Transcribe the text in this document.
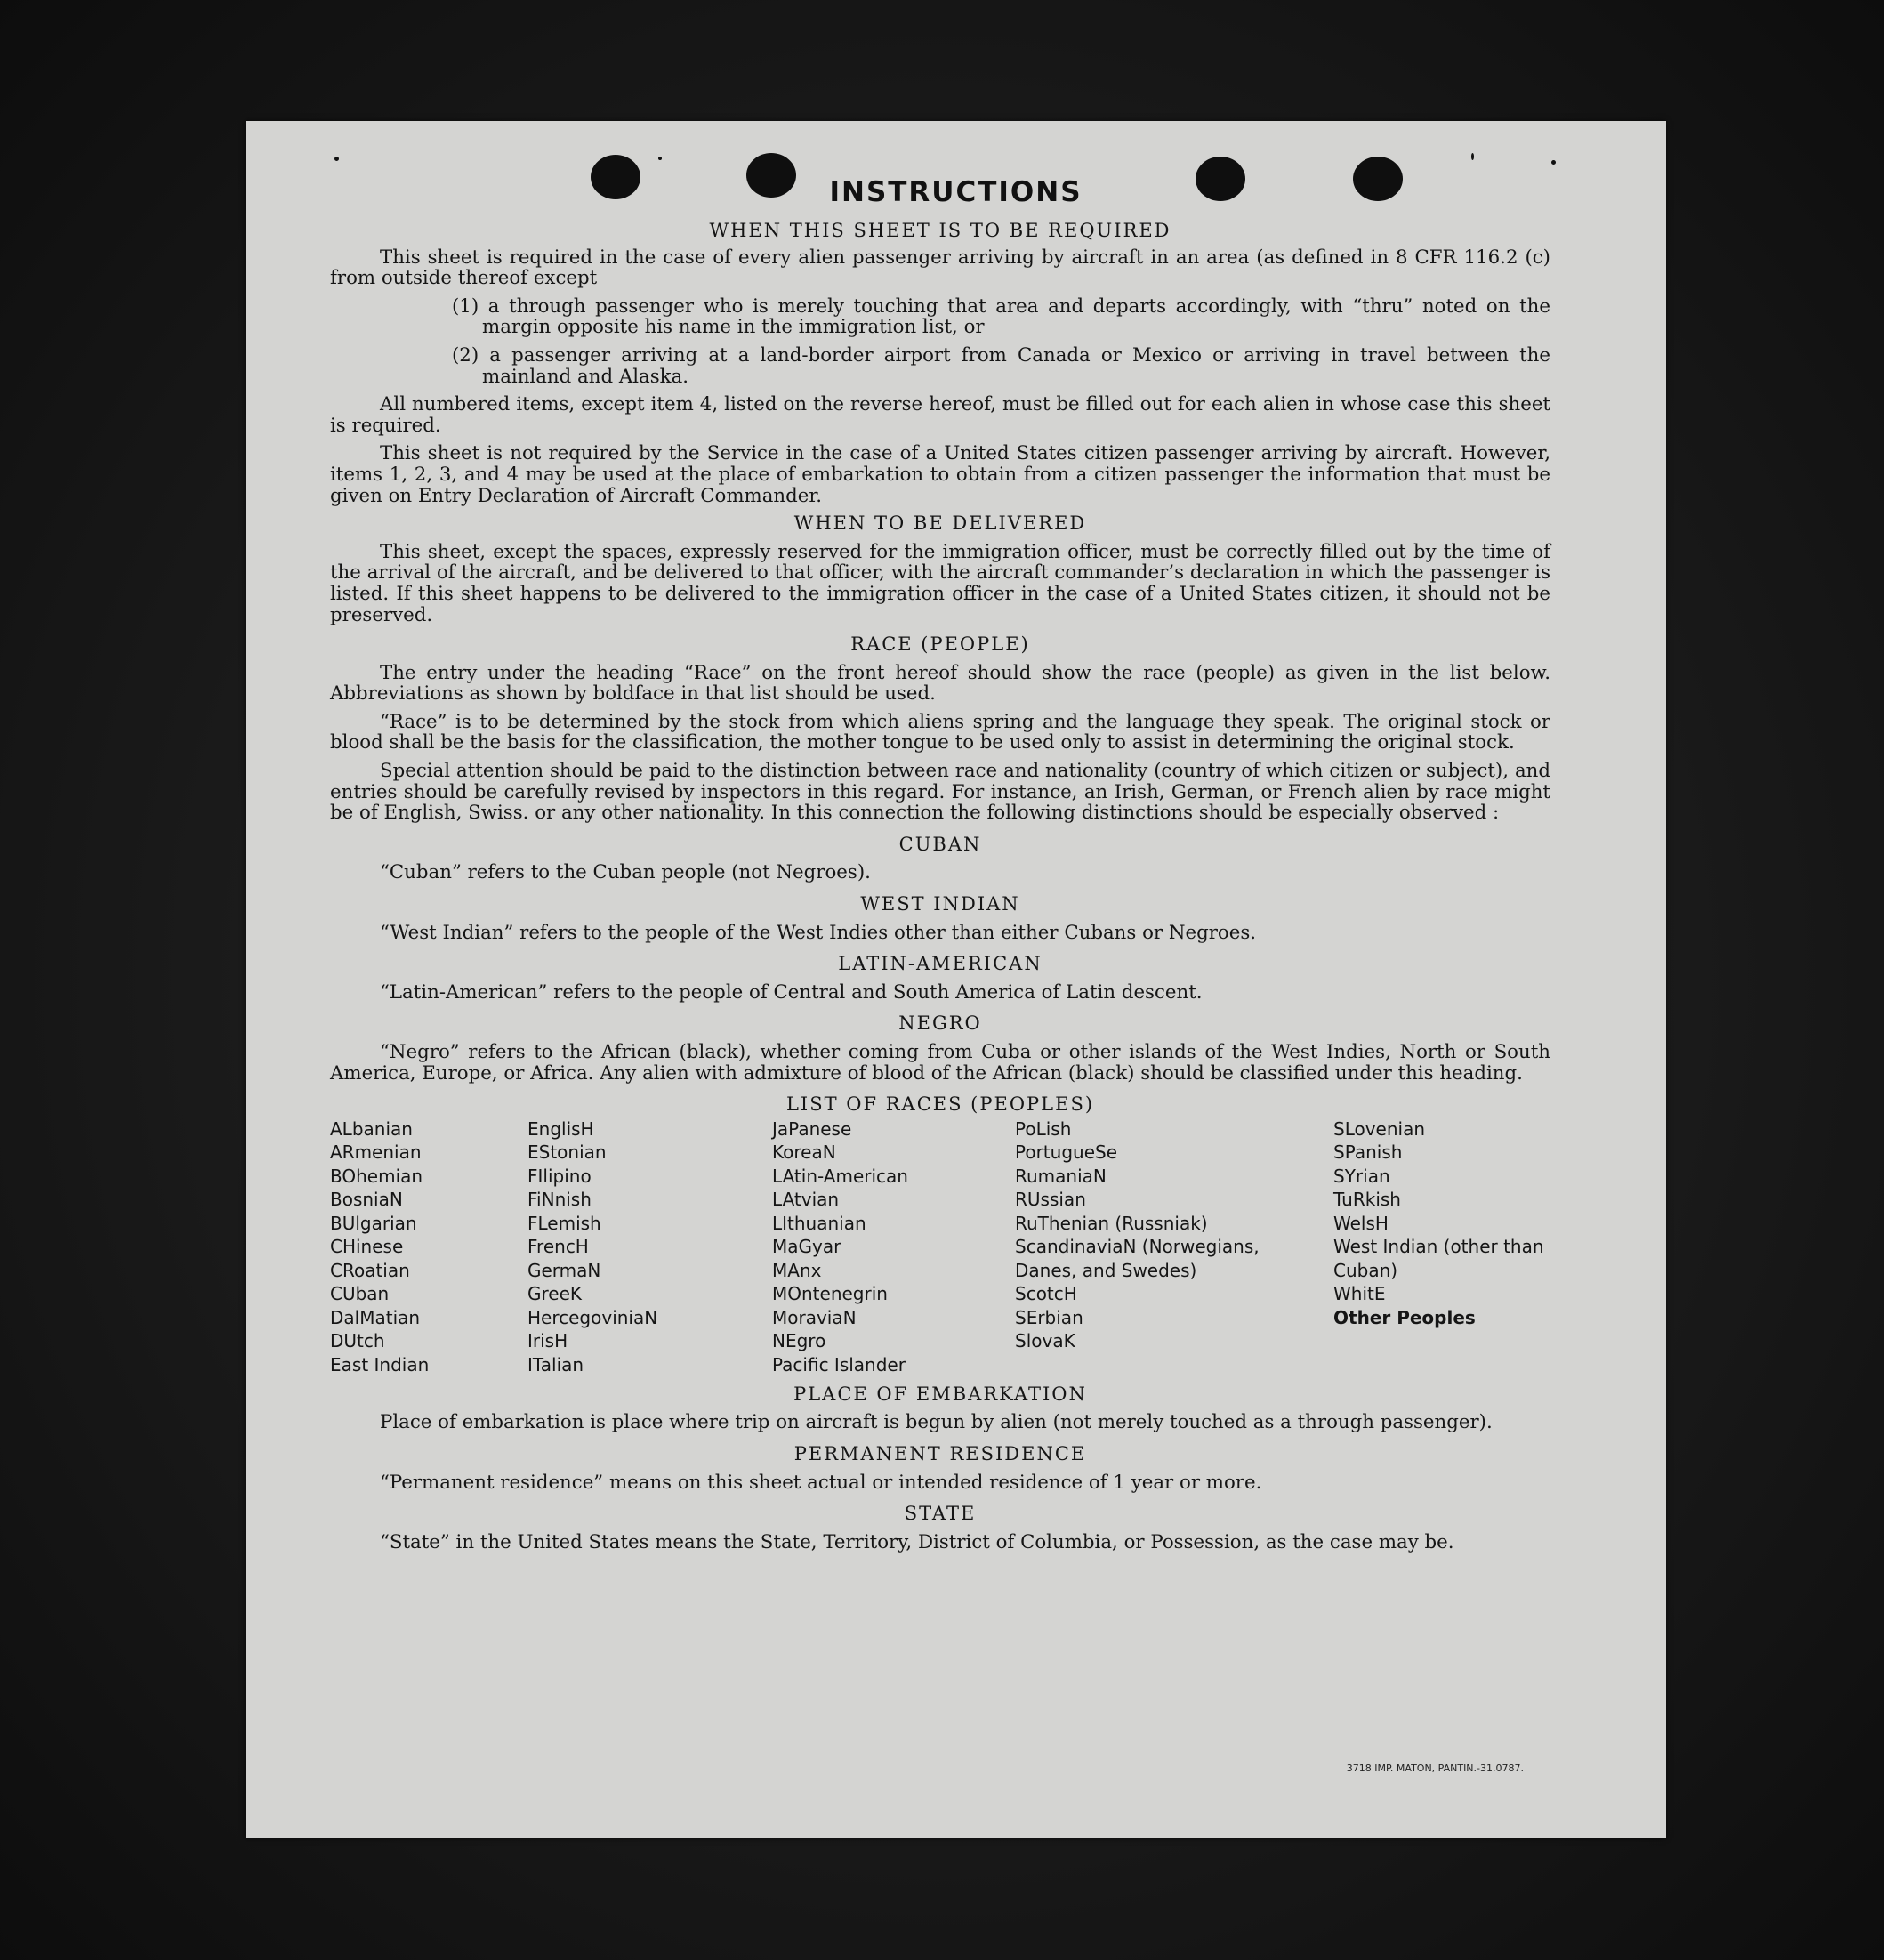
INSTRUCTIONS

WHEN THIS SHEET IS TO BE REQUIRED

This sheet is required in the case of every alien passenger arriving by aircraft in an area (as defined in 8 CFR 116.2 (c) from outside thereof except

(1) a through passenger who is merely touching that area and departs accordingly, with “thru” noted on the margin opposite his name in the immigration list, or

(2) a passenger arriving at a land-border airport from Canada or Mexico or arriving in travel between the mainland and Alaska.

All numbered items, except item 4, listed on the reverse hereof, must be filled out for each alien in whose case this sheet is required.

This sheet is not required by the Service in the case of a United States citizen passenger arriving by aircraft. However, items 1, 2, 3, and 4 may be used at the place of embarkation to obtain from a citizen passenger the information that must be given on Entry Declaration of Aircraft Commander.

WHEN TO BE DELIVERED

This sheet, except the spaces, expressly reserved for the immigration officer, must be correctly filled out by the time of the arrival of the aircraft, and be delivered to that officer, with the aircraft commander’s declaration in which the passenger is listed. If this sheet happens to be delivered to the immigration officer in the case of a United States citizen, it should not be preserved.

RACE (PEOPLE)

The entry under the heading “Race” on the front hereof should show the race (people) as given in the list below. Abbreviations as shown by boldface in that list should be used.

“Race” is to be determined by the stock from which aliens spring and the language they speak. The original stock or blood shall be the basis for the classification, the mother tongue to be used only to assist in determining the original stock.

Special attention should be paid to the distinction between race and nationality (country of which citizen or subject), and entries should be carefully revised by inspectors in this regard. For instance, an Irish, German, or French alien by race might be of English, Swiss. or any other nationality. In this connection the following distinctions should be especially observed :

CUBAN

“Cuban” refers to the Cuban people (not Negroes).

WEST INDIAN

“West Indian” refers to the people of the West Indies other than either Cubans or Negroes.

LATIN-AMERICAN

“Latin-American” refers to the people of Central and South America of Latin descent.

NEGRO

“Negro” refers to the African (black), whether coming from Cuba or other islands of the West Indies, North or South America, Europe, or Africa. Any alien with admixture of blood of the African (black) should be classified under this heading.

LIST OF RACES (PEOPLES)

ALbanian
ARmenian
BOhemian
BosniaN
BUlgarian
CHinese
CRoatian
CUban
DalMatian
DUtch
East Indian
EnglisH
EStonian
FIlipino
FiNnish
FLemish
FrencH
GermaN
GreeK
HercegoviniaN
IrisH
ITalian
JaPanese
KoreaN
LAtin-American
LAtvian
LIthuanian
MaGyar
MAnx
MOntenegrin
MoraviaN
NEgro
Pacific Islander
PoLish
PortugueSe
RumaniaN
RUssian
RuThenian (Russniak)
ScandinaviaN (Norwegians, Danes, and Swedes)
ScotcH
SErbian
SlovaK
SLovenian
SPanish
SYrian
TuRkish
WelsH
West Indian (other than Cuban)
WhitE
Other Peoples

PLACE OF EMBARKATION

Place of embarkation is place where trip on aircraft is begun by alien (not merely touched as a through passenger).

PERMANENT RESIDENCE

“Permanent residence” means on this sheet actual or intended residence of 1 year or more.

STATE

“State” in the United States means the State, Territory, District of Columbia, or Possession, as the case may be.

3718 IMP. MATON, PANTIN.-31.0787.
